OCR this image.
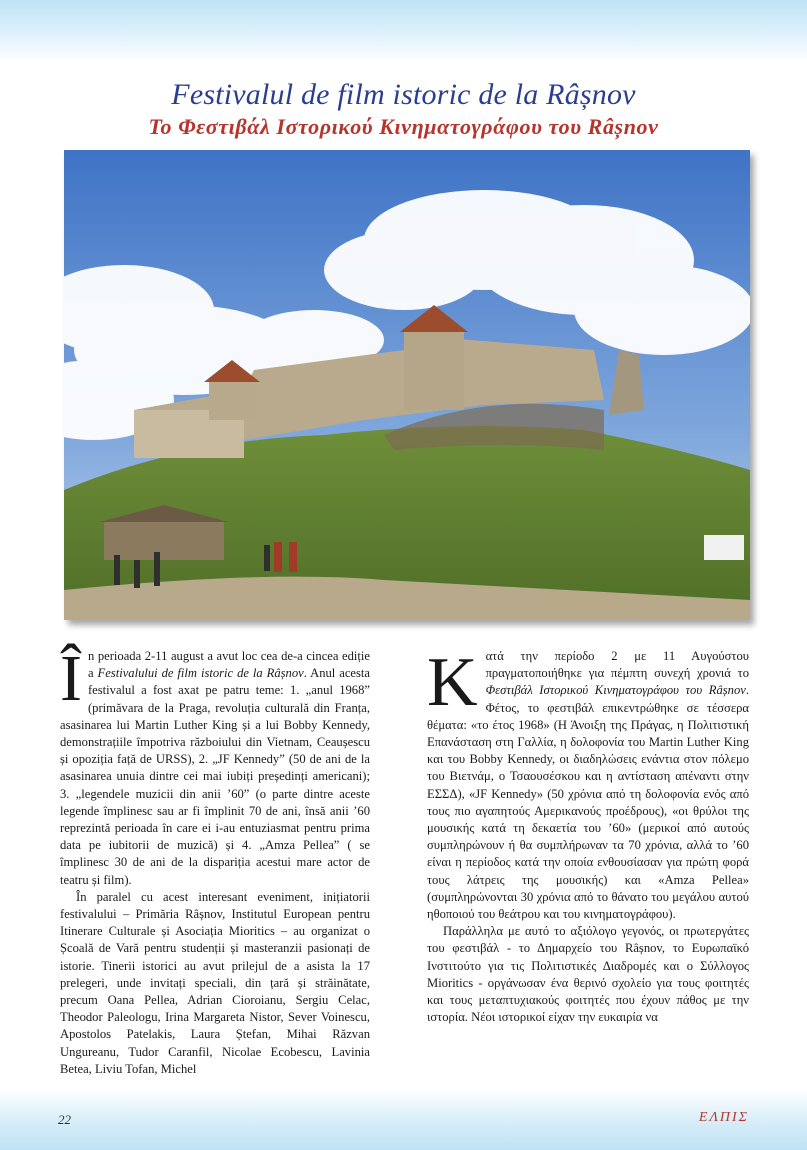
Festivalul de film istoric de la Râșnov
Το Φεστιβάλ Ιστορικού Κινηματογράφου του Râșnov

În perioada 2-11 august a avut loc cea de-a cincea ediție a Festivalului de film istoric de la Râșnov. Anul acesta festivalul a fost axat pe patru teme: 1. „anul 1968” (primăvara de la Praga, revoluția culturală din Franța, asasinarea lui Martin Luther King și a lui Bobby Kennedy, demonstrațiile împotriva războiului din Vietnam, Ceaușescu și opoziția față de URSS), 2. „JF Kennedy” (50 de ani de la asasinarea unuia dintre cei mai iubiți președinți americani); 3. „legendele muzicii din anii ’60” (o parte dintre aceste legende împlinesc sau ar fi împlinit 70 de ani, însă anii ’60 reprezintă perioada în care ei i-au entuziasmat pentru prima data pe iubitorii de muzică) și 4. „Amza Pellea” ( se împlinesc 30 de ani de la dispariția acestui mare actor de teatru și film).

În paralel cu acest interesant eveniment, inițiatorii festivalului – Primăria Râșnov, Institutul European pentru Itinerare Culturale și Asociația Mioritics – au organizat o Școală de Vară pentru studenții și masteranzii pasionați de istorie. Tinerii istorici au avut prilejul de a asista la 17 prelegeri, unde invitați speciali, din țară și străinătate, precum Oana Pellea, Adrian Cioroianu, Sergiu Celac, Theodor Paleologu, Irina Margareta Nistor, Sever Voinescu, Apostolos Patelakis, Laura Ștefan, Mihai Răzvan Ungureanu, Tudor Caranfil, Nicolae Ecobescu, Lavinia Betea, Liviu Tofan, Michel

Κατά την περίοδο 2 με 11 Αυγούστου πραγματοποιήθηκε για πέμπτη συνεχή χρονιά το Φεστιβάλ Ιστορικού Κινηματογράφου του Râșnov. Φέτος, το φεστιβάλ επικεντρώθηκε σε τέσσερα θέματα: «το έτος 1968» (Η Άνοιξη της Πράγας, η Πολιτιστική Επανάσταση στη Γαλλία, η δολοφονία του Martin Luther King και του Bobby Kennedy, οι διαδηλώσεις ενάντια στον πόλεμο του Βιετνάμ, ο Τσαουσέσκου και η αντίσταση απέναντι στην ΕΣΣΔ), «JF Kennedy» (50 χρόνια από τη δολοφονία ενός από τους πιο αγαπητούς Αμερικανούς προέδρους), «οι θρύλοι της μουσικής κατά τη δεκαετία του ’60» (μερικοί από αυτούς συμπληρώνουν ή θα συμπλήρωναν τα 70 χρόνια, αλλά το ’60 είναι η περίοδος κατά την οποία ενθουσίασαν για πρώτη φορά τους λάτρεις της μουσικής) και «Amza Pellea» (συμπληρώνονται 30 χρόνια από το θάνατο του μεγάλου αυτού ηθοποιού του θεάτρου και του κινηματογράφου).

Παράλληλα με αυτό το αξιόλογο γεγονός, οι πρωτεργάτες του φεστιβάλ - το Δημαρχείο του Râșnov, το Ευρωπαϊκό Ινστιτούτο για τις Πολιτιστικές Διαδρομές και ο Σύλλογος Mioritics - οργάνωσαν ένα θερινό σχολείο για τους φοιτητές και τους μεταπτυχιακούς φοιτητές που έχουν πάθος με την ιστορία. Νέοι ιστορικοί είχαν την ευκαιρία να

22	ΕΛΠΙΣ
